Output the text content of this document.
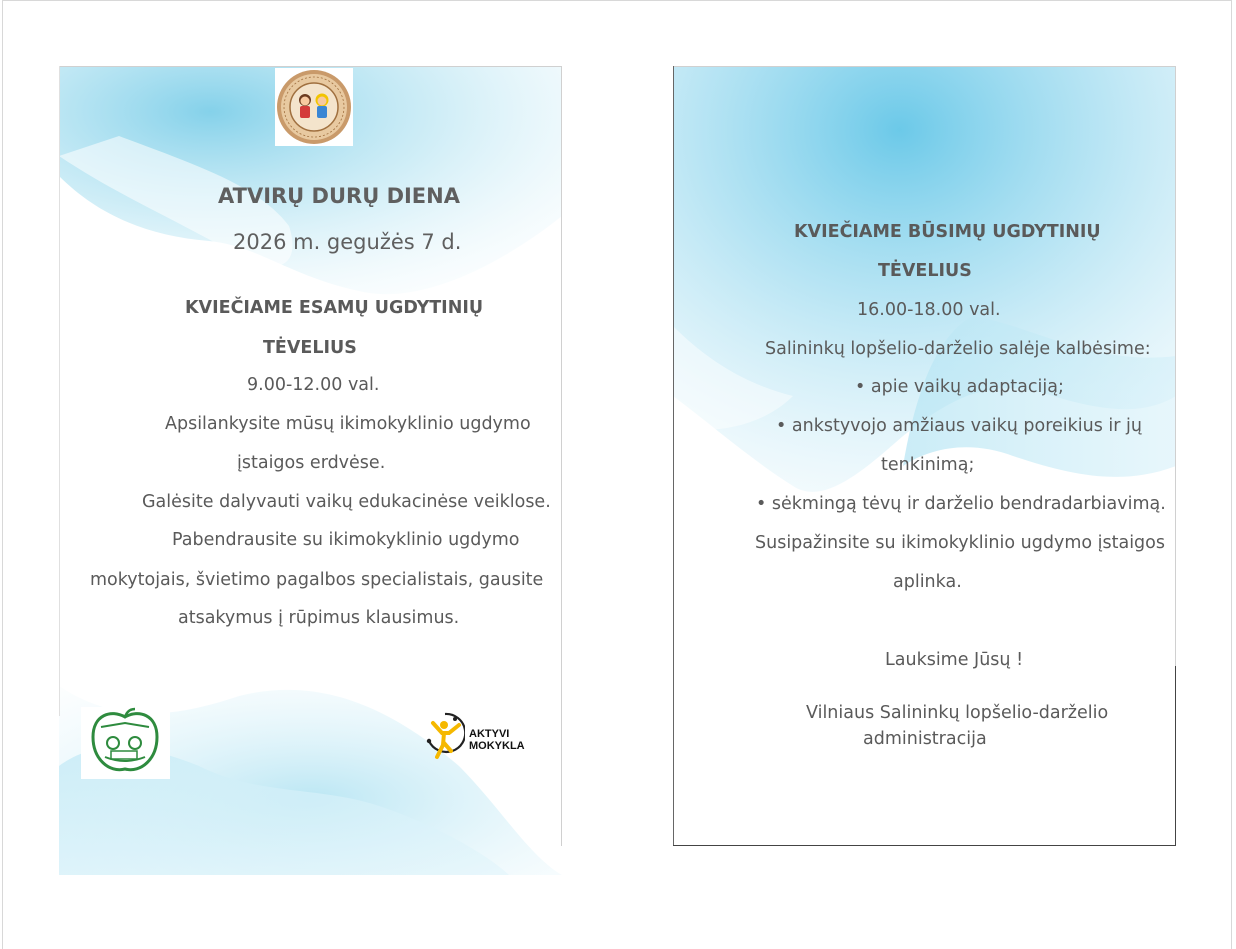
ATVIRŲ DURŲ DIENA
2026 m. gegužės 7 d.
KVIEČIAME ESAMŲ UGDYTINIŲ
TĖVELIUS
9.00-12.00 val.
Apsilankysite mūsų ikimokyklinio ugdymo
įstaigos erdvėse.
Galėsite dalyvauti vaikų edukacinėse veiklose.
Pabendrausite su ikimokyklinio ugdymo
mokytojais, švietimo pagalbos specialistais, gausite
atsakymus į rūpimus klausimus.
AKTYVI
MOKYKLA
KVIEČIAME BŪSIMŲ UGDYTINIŲ
TĖVELIUS
16.00-18.00 val.
Salininkų lopšelio-darželio salėje kalbėsime:
• apie vaikų adaptaciją;
• ankstyvojo amžiaus vaikų poreikius ir jų
tenkinimą;
• sėkmingą tėvų ir darželio bendradarbiavimą.
Susipažinsite su ikimokyklinio ugdymo įstaigos
aplinka.
Lauksime Jūsų !
Vilniaus Salininkų lopšelio-darželio
administracija
